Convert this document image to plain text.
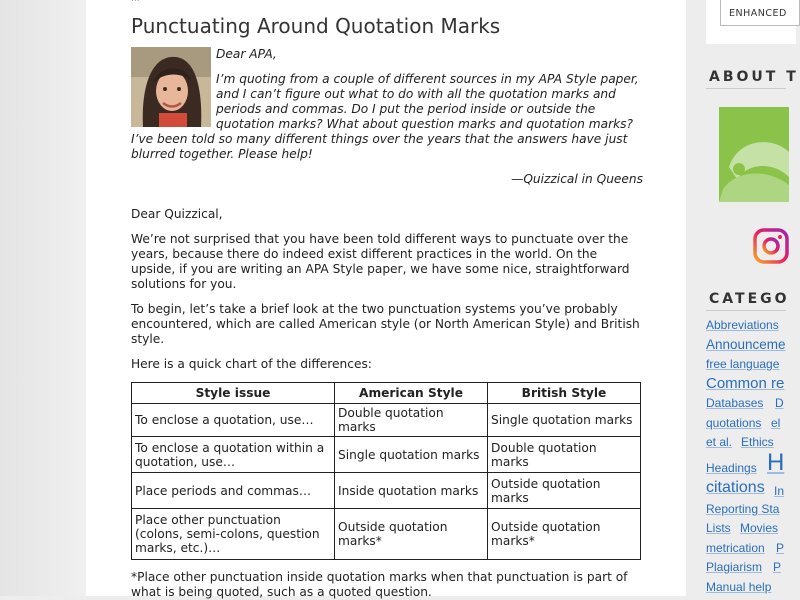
Punctuating Around Quotation Marks

Dear APA,

I’m quoting from a couple of different sources in my APA Style paper,
and I can’t figure out what to do with all the quotation marks and
periods and commas. Do I put the period inside or outside the
quotation marks? What about question marks and quotation marks?
I’ve been told so many different things over the years that the answers have just
blurred together. Please help!
—Quizzical in Queens
Dear Quizzical,
We’re not surprised that you have been told different ways to punctuate over the years, because there do indeed exist different practices in the world. On the upside, if you are writing an APA Style paper, we have some nice, straightforward solutions for you.
To begin, let’s take a brief look at the two punctuation systems you’ve probably encountered, which are called American style (or North American Style) and British style.
Here is a quick chart of the differences:
Style issue	American Style	British Style
To enclose a quotation, use…	Double quotation marks	Single quotation marks
To enclose a quotation within a quotation, use…	Single quotation marks	Double quotation marks
Place periods and commas…	Inside quotation marks	Outside quotation marks
Place other punctuation (colons, semi-colons, question marks, etc.)…	Outside quotation marks*	Outside quotation marks*
*Place other punctuation inside quotation marks when that punctuation is part of what is being quoted, such as a quoted question.
ENHANCED
ABOUT T
CATEGO
Abbreviations
Announceme
free language
Common re
Databases D
quotations el
et al. Ethics
Headings H
citations In
Reporting Sta
Lists Movies
metrication P
Plagiarism P
Manual help
